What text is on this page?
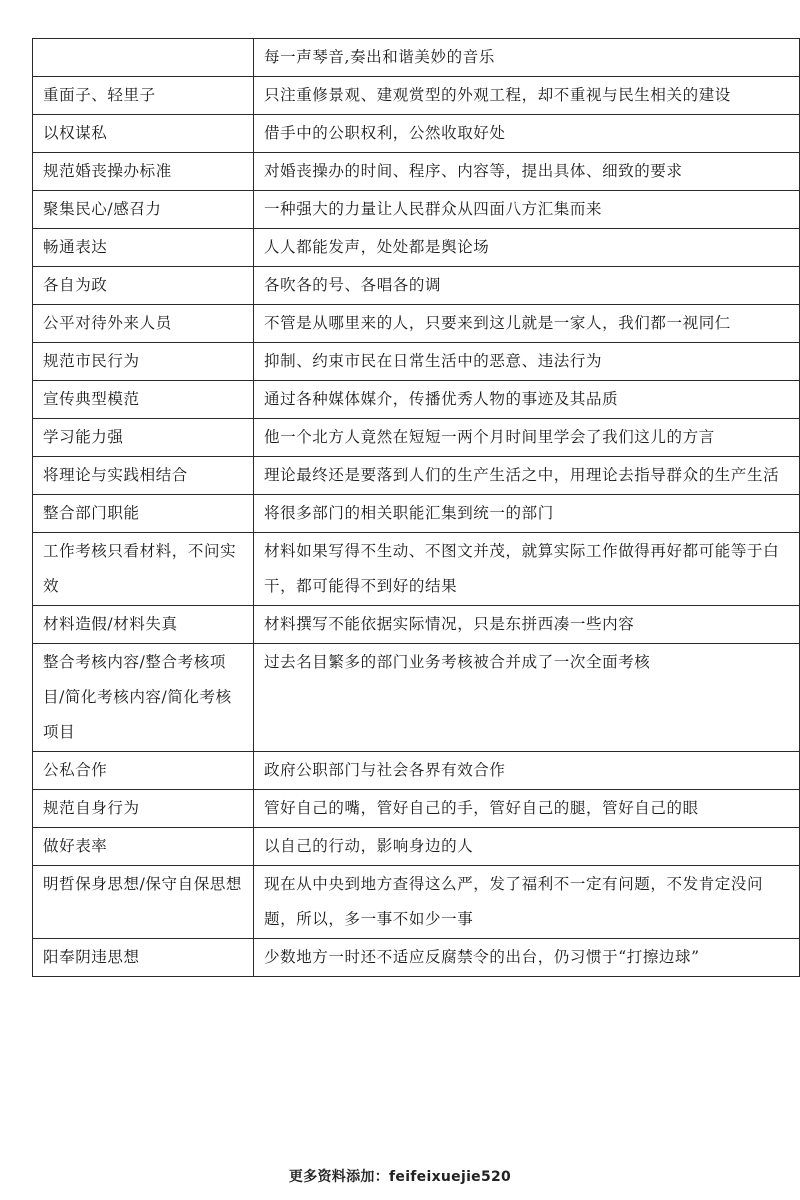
	每一声琴音,奏出和谐美妙的音乐
重面子、轻里子	只注重修景观、建观赏型的外观工程，却不重视与民生相关的建设
以权谋私	借手中的公职权利，公然收取好处
规范婚丧操办标准	对婚丧操办的时间、程序、内容等，提出具体、细致的要求
聚集民心/感召力	一种强大的力量让人民群众从四面八方汇集而来
畅通表达	人人都能发声，处处都是舆论场
各自为政	各吹各的号、各唱各的调
公平对待外来人员	不管是从哪里来的人，只要来到这儿就是一家人，我们都一视同仁
规范市民行为	抑制、约束市民在日常生活中的恶意、违法行为
宣传典型模范	通过各种媒体媒介，传播优秀人物的事迹及其品质
学习能力强	他一个北方人竟然在短短一两个月时间里学会了我们这儿的方言
将理论与实践相结合	理论最终还是要落到人们的生产生活之中，用理论去指导群众的生产生活
整合部门职能	将很多部门的相关职能汇集到统一的部门
工作考核只看材料，不问实效	材料如果写得不生动、不图文并茂，就算实际工作做得再好都可能等于白干，都可能得不到好的结果
材料造假/材料失真	材料撰写不能依据实际情况，只是东拼西凑一些内容
整合考核内容/整合考核项目/简化考核内容/简化考核项目	过去名目繁多的部门业务考核被合并成了一次全面考核
公私合作	政府公职部门与社会各界有效合作
规范自身行为	管好自己的嘴，管好自己的手，管好自己的腿，管好自己的眼
做好表率	以自己的行动，影响身边的人
明哲保身思想/保守自保思想	现在从中央到地方查得这么严，发了福利不一定有问题，不发肯定没问题，所以，多一事不如少一事
阳奉阴违思想	少数地方一时还不适应反腐禁令的出台，仍习惯于“打擦边球”
更多资料添加：feifeixuejie520
